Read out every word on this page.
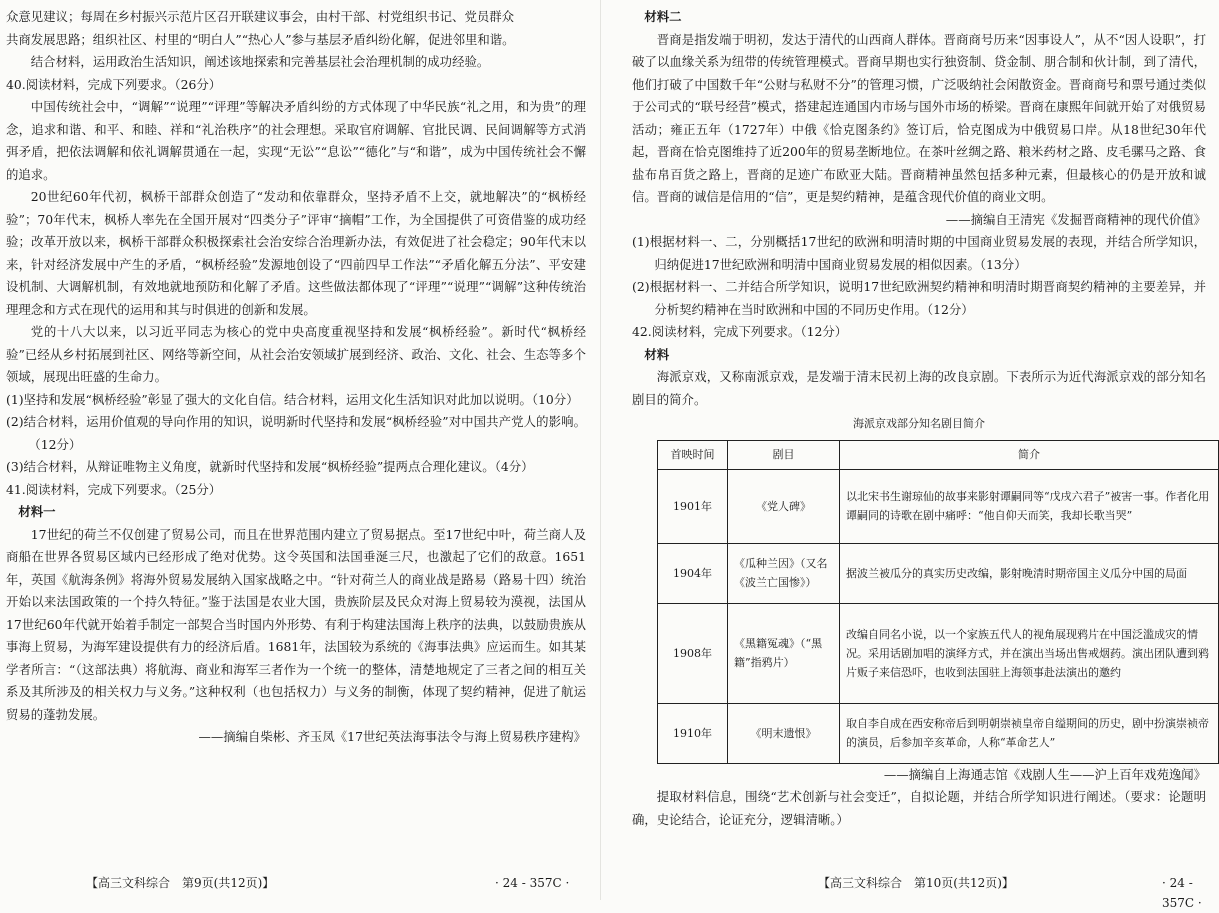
众意见建议；每周在乡村振兴示范片区召开联建议事会，由村干部、村党组织书记、党员群众

共商发展思路；组织社区、村里的“明白人”“热心人”参与基层矛盾纠纷化解，促进邻里和谐。

结合材料，运用政治生活知识，阐述该地探索和完善基层社会治理机制的成功经验。

40.阅读材料，完成下列要求。（26分）

中国传统社会中，“调解”“说理”“评理”等解决矛盾纠纷的方式体现了中华民族“礼之用，和为贵”的理念，追求和谐、和平、和睦、祥和“礼治秩序”的社会理想。采取官府调解、官批民调、民间调解等方式消弭矛盾，把依法调解和依礼调解贯通在一起，实现“无讼”“息讼”“德化”与“和谐”，成为中国传统社会不懈的追求。

20世纪60年代初，枫桥干部群众创造了“发动和依靠群众，坚持矛盾不上交，就地解决”的“枫桥经验”；70年代末，枫桥人率先在全国开展对“四类分子”评审“摘帽”工作，为全国提供了可资借鉴的成功经验；改革开放以来，枫桥干部群众积极探索社会治安综合治理新办法，有效促进了社会稳定；90年代末以来，针对经济发展中产生的矛盾，“枫桥经验”发源地创设了“四前四早工作法”“矛盾化解五分法”、平安建设机制、大调解机制，有效地就地预防和化解了矛盾。这些做法都体现了“评理”“说理”“调解”这种传统治理理念和方式在现代的运用和其与时俱进的创新和发展。

党的十八大以来，以习近平同志为核心的党中央高度重视坚持和发展“枫桥经验”。新时代“枫桥经验”已经从乡村拓展到社区、网络等新空间，从社会治安领域扩展到经济、政治、文化、社会、生态等多个领域，展现出旺盛的生命力。

(1)坚持和发展“枫桥经验”彰显了强大的文化自信。结合材料，运用文化生活知识对此加以说明。（10分）

(2)结合材料，运用价值观的导向作用的知识，说明新时代坚持和发展“枫桥经验”对中国共产党人的影响。（12分）

(3)结合材料，从辩证唯物主义角度，就新时代坚持和发展“枫桥经验”提两点合理化建议。（4分）

41.阅读材料，完成下列要求。（25分）

材料一

17世纪的荷兰不仅创建了贸易公司，而且在世界范围内建立了贸易据点。至17世纪中叶，荷兰商人及商船在世界各贸易区域内已经形成了绝对优势。这令英国和法国垂涎三尺，也激起了它们的敌意。1651年，英国《航海条例》将海外贸易发展纳入国家战略之中。“针对荷兰人的商业战是路易（路易十四）统治开始以来法国政策的一个持久特征。”鉴于法国是农业大国，贵族阶层及民众对海上贸易较为漠视，法国从17世纪60年代就开始着手制定一部契合当时国内外形势、有利于构建法国海上秩序的法典，以鼓励贵族从事海上贸易，为海军建设提供有力的经济后盾。1681年，法国较为系统的《海事法典》应运而生。如其某学者所言：“（这部法典）将航海、商业和海军三者作为一个统一的整体，清楚地规定了三者之间的相互关系及其所涉及的相关权力与义务。”这种权利（也包括权力）与义务的制衡，体现了契约精神，促进了航运贸易的蓬勃发展。

——摘编自柴彬、齐玉凤《17世纪英法海事法令与海上贸易秩序建构》

【高三文科综合　第9页(共12页)】	· 24 - 357C ·

材料二

晋商是指发端于明初，发达于清代的山西商人群体。晋商商号历来“因事设人”，从不“因人设职”，打破了以血缘关系为纽带的传统管理模式。晋商早期也实行独资制、贷金制、朋合制和伙计制，到了清代，他们打破了中国数千年“公财与私财不分”的管理习惯，广泛吸纳社会闲散资金。晋商商号和票号通过类似于公司式的“联号经营”模式，搭建起连通国内市场与国外市场的桥梁。晋商在康熙年间就开始了对俄贸易活动；雍正五年（1727年）中俄《恰克图条约》签订后，恰克图成为中俄贸易口岸。从18世纪30年代起，晋商在恰克图维持了近200年的贸易垄断地位。在茶叶丝绸之路、粮米药材之路、皮毛骡马之路、食盐布帛百货之路上，晋商的足迹广布欧亚大陆。晋商精神虽然包括多种元素，但最核心的仍是开放和诚信。晋商的诚信是信用的“信”，更是契约精神，是蕴含现代价值的商业文明。

——摘编自王清宪《发掘晋商精神的现代价值》

(1)根据材料一、二，分别概括17世纪的欧洲和明清时期的中国商业贸易发展的表现，并结合所学知识，归纳促进17世纪欧洲和明清中国商业贸易发展的相似因素。（13分）

(2)根据材料一、二并结合所学知识，说明17世纪欧洲契约精神和明清时期晋商契约精神的主要差异，并分析契约精神在当时欧洲和中国的不同历史作用。（12分）

42.阅读材料，完成下列要求。（12分）

材料

海派京戏，又称南派京戏，是发端于清末民初上海的改良京剧。下表所示为近代海派京戏的部分知名剧目的简介。

海派京戏部分知名剧目简介

首映时间	剧目	简介
1901年	《党人碑》	以北宋书生谢琼仙的故事来影射谭嗣同等“戊戌六君子”被害一事。作者化用谭嗣同的诗歌在剧中痛呼：“他自仰天而笑，我却长歌当哭”
1904年	《瓜种兰因》（又名《波兰亡国惨》）	据波兰被瓜分的真实历史改编，影射晚清时期帝国主义瓜分中国的局面
1908年	《黑籍冤魂》（“黑籍”指鸦片）	改编自同名小说，以一个家族五代人的视角展现鸦片在中国泛滥成灾的情况。采用话剧加唱的演绎方式，并在演出当场出售戒烟药。演出团队遭到鸦片贩子来信恐吓，也收到法国驻上海领事赴法演出的邀约
1910年	《明末遗恨》	取自李自成在西安称帝后到明朝崇祯皇帝自缢期间的历史，剧中扮演崇祯帝的演员，后参加辛亥革命，人称“革命艺人”

——摘编自上海通志馆《戏剧人生——沪上百年戏苑逸闻》

提取材料信息，围绕“艺术创新与社会变迁”，自拟论题，并结合所学知识进行阐述。（要求：论题明确，史论结合，论证充分，逻辑清晰。）

【高三文科综合　第10页(共12页)】	· 24 - 357C ·
